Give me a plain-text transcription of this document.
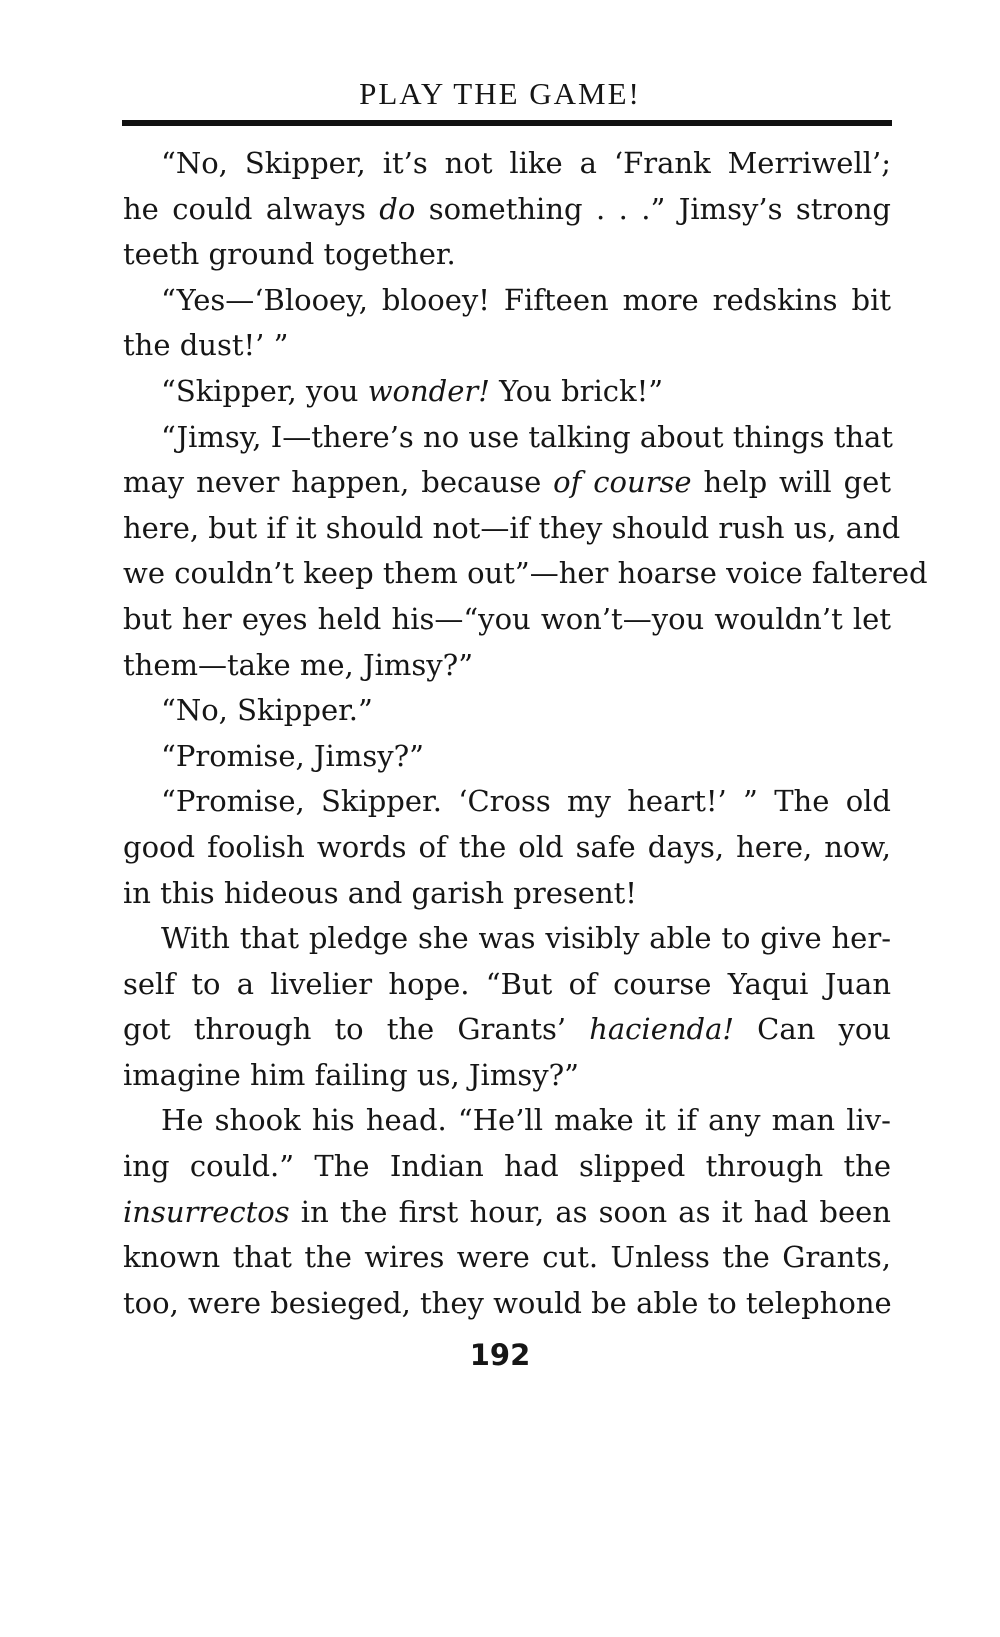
PLAY THE GAME!
“No, Skipper, it’s not like a ‘Frank Merriwell’;
he could always do something . . .” Jimsy’s strong
teeth ground together.
“Yes—‘Blooey, blooey! Fifteen more redskins bit
the dust!’ ”
“Skipper, you wonder! You brick!”
“Jimsy, I—there’s no use talking about things that
may never happen, because of course help will get
here, but if it should not—if they should rush us, and
we couldn’t keep them out”—her hoarse voice faltered
but her eyes held his—“you won’t—you wouldn’t let
them—take me, Jimsy?”
“No, Skipper.”
“Promise, Jimsy?”
“Promise, Skipper. ‘Cross my heart!’ ” The old
good foolish words of the old safe days, here, now,
in this hideous and garish present!
With that pledge she was visibly able to give her-
self to a livelier hope. “But of course Yaqui Juan
got through to the Grants’ hacienda! Can you
imagine him failing us, Jimsy?”
He shook his head. “He’ll make it if any man liv-
ing could.” The Indian had slipped through the
insurrectos in the first hour, as soon as it had been
known that the wires were cut. Unless the Grants,
too, were besieged, they would be able to telephone
192
